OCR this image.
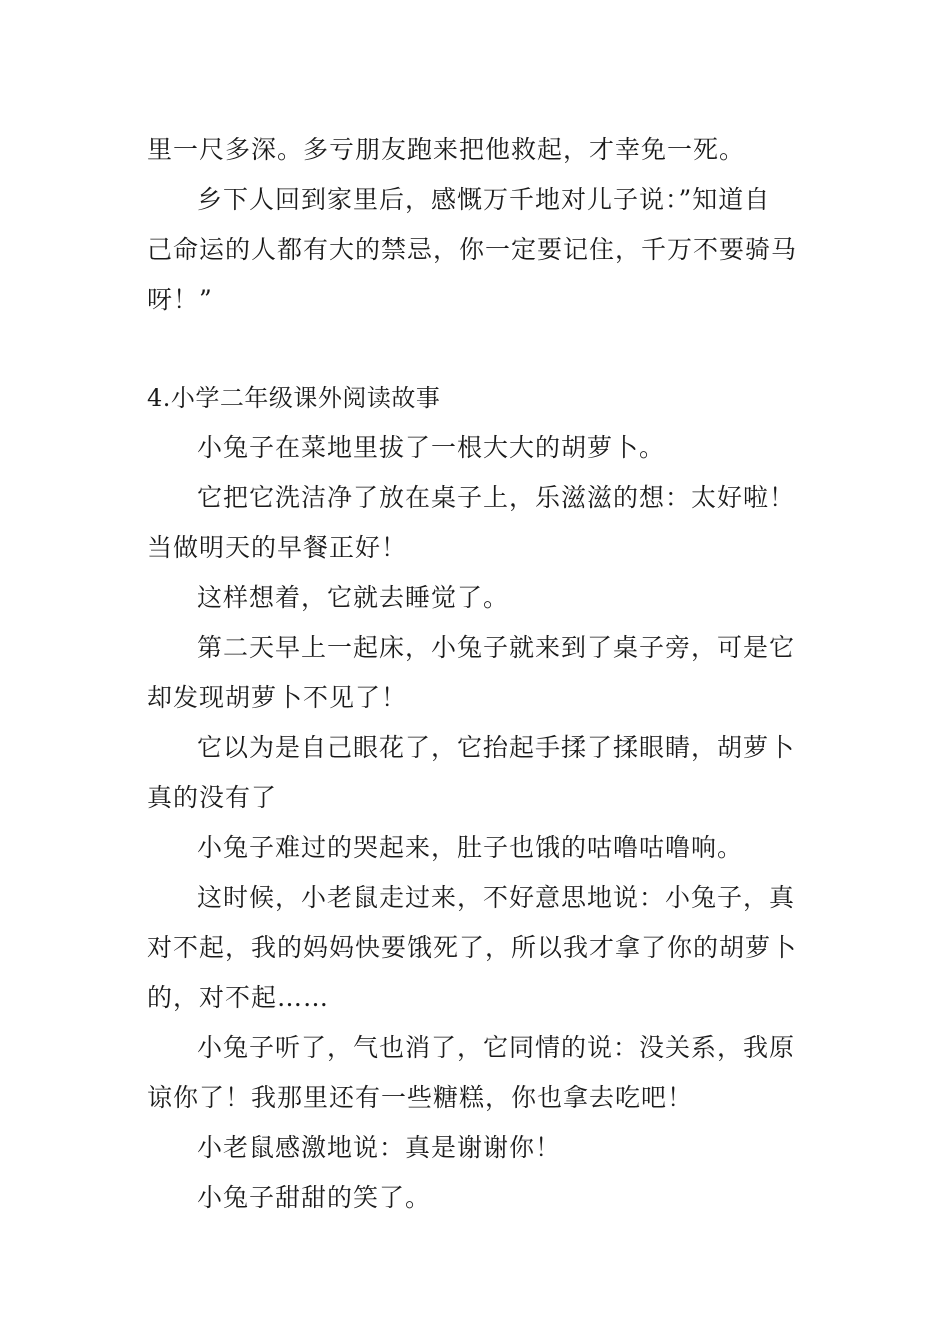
里一尺多深。多亏朋友跑来把他救起，才幸免一死。
乡下人回到家里后，感慨万千地对儿子说：”知道自
己命运的人都有大的禁忌，你一定要记住，千万不要骑马
呀！”
4.小学二年级课外阅读故事
小兔子在菜地里拔了一根大大的胡萝卜。
它把它洗洁净了放在桌子上，乐滋滋的想：太好啦！
当做明天的早餐正好！
这样想着，它就去睡觉了。
第二天早上一起床，小兔子就来到了桌子旁，可是它
却发现胡萝卜不见了！
它以为是自己眼花了，它抬起手揉了揉眼睛，胡萝卜
真的没有了
小兔子难过的哭起来，肚子也饿的咕噜咕噜响。
这时候，小老鼠走过来，不好意思地说：小兔子，真
对不起，我的妈妈快要饿死了，所以我才拿了你的胡萝卜
的，对不起……
小兔子听了，气也消了，它同情的说：没关系，我原
谅你了！我那里还有一些糖糕，你也拿去吃吧！
小老鼠感激地说：真是谢谢你！
小兔子甜甜的笑了。
